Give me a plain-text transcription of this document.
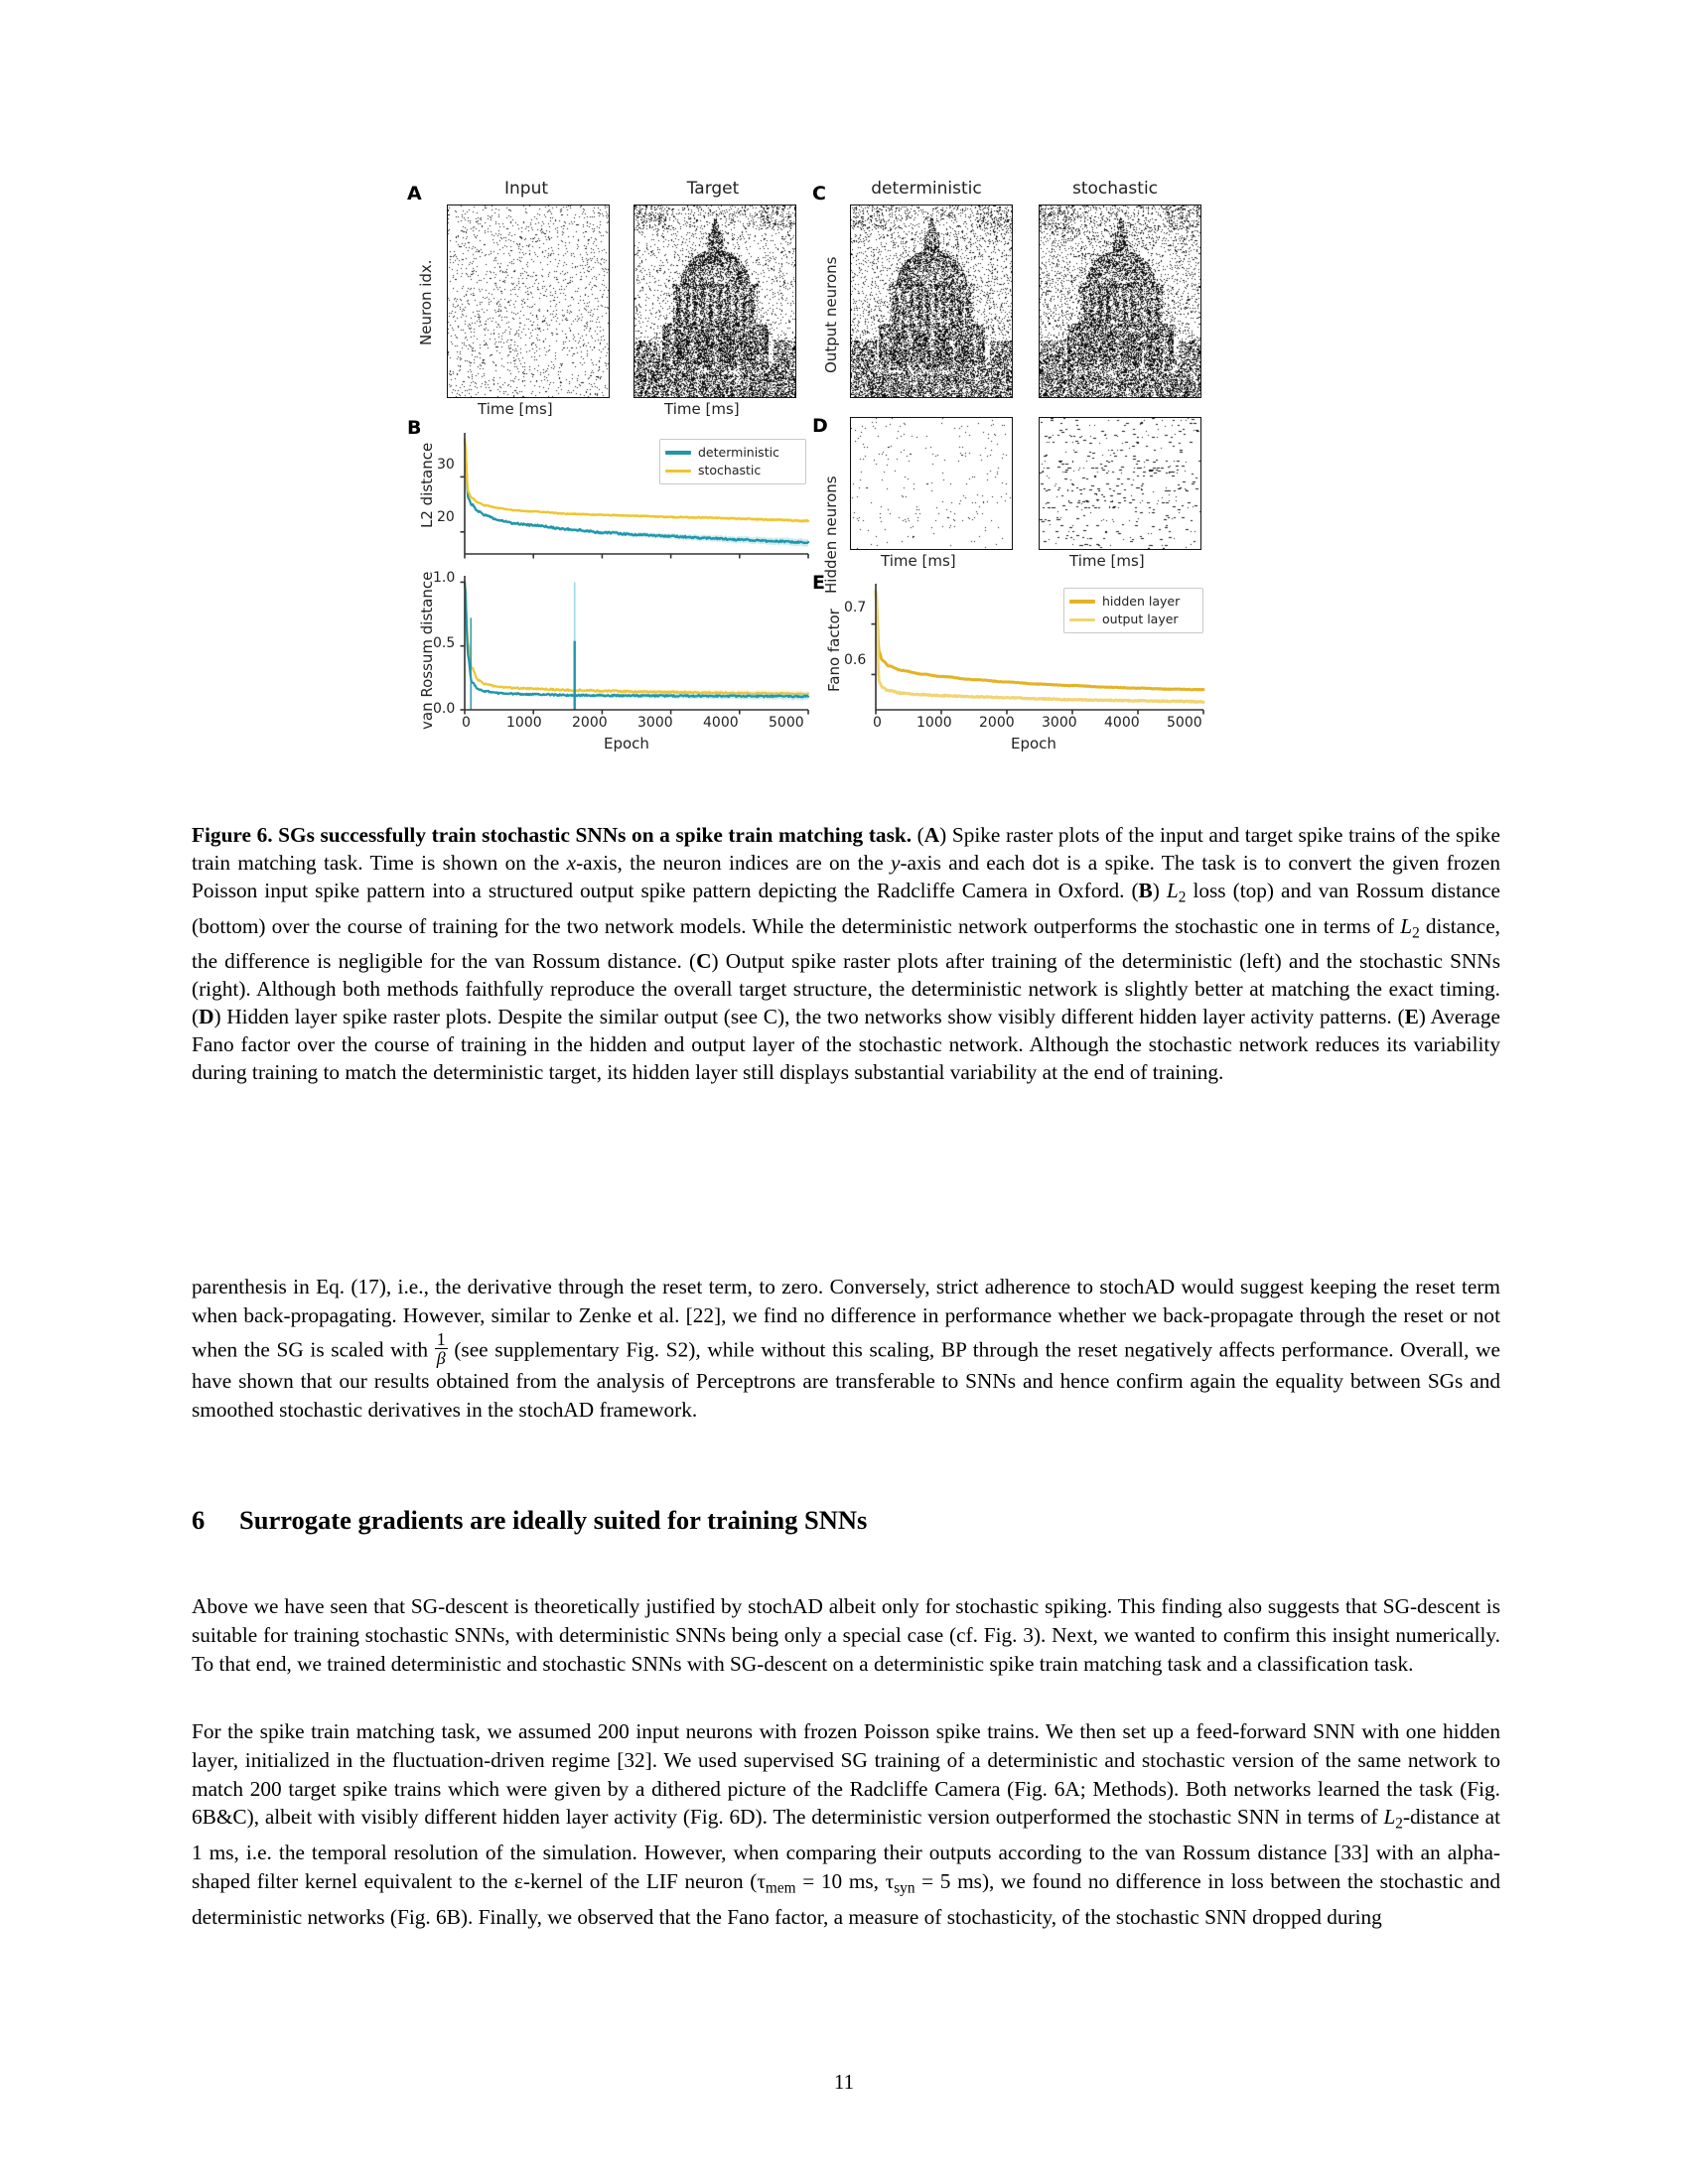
A	Input	Target
Neuron idx.
Time [ms]	Time [ms]
C	deterministic	stochastic
Output neurons
D
Hidden neurons	Time [ms]	Time [ms]
B
L2 distance 30
20
deterministic
stochastic
van Rossum distance
1.0
0.5
0.0
0	1000 2000 3000 4000 5000
Epoch
E
Fano factor
0.7
0.6
hidden layer
output layer
0	1000 2000 3000 4000 5000
Epoch
Figure 6. SGs successfully train stochastic SNNs on a spike train matching task. (A) Spike raster plots of the input and target spike trains of the spike train matching task. Time is shown on the x-axis, the neuron indices are on the y-axis and each dot is a spike. The task is to convert the given frozen Poisson input spike pattern into a structured output spike pattern depicting the Radcliffe Camera in Oxford. (B) $L_2$ loss (top) and van Rossum distance (bottom) over the course of training for the two network models. While the deterministic network outperforms the stochastic one in terms of $L_2$ distance, the difference is negligible for the van Rossum distance. (C) Output spike raster plots after training of the deterministic (left) and the stochastic SNNs (right). Although both methods faithfully reproduce the overall target structure, the deterministic network is slightly better at matching the exact timing. (D) Hidden layer spike raster plots. Despite the similar output (see C), the two networks show visibly different hidden layer activity patterns. (E) Average Fano factor over the course of training in the hidden and output layer of the stochastic network. Although the stochastic network reduces its variability during training to match the deterministic target, its hidden layer still displays substantial variability at the end of training.
parenthesis in Eq. (17), i.e., the derivative through the reset term, to zero. Conversely, strict adherence to stochAD would suggest keeping the reset term when back-propagating. However, similar to Zenke et al. [22], we find no difference in performance whether we back-propagate through the reset or not when the SG is scaled with $\frac{1}{\beta} (see$ supplementary Fig. S2), while without this scaling, BP through the reset negatively affects performance. Overall, we have shown that our results obtained from the analysis of Perceptrons are transferable to SNNs and hence confirm again the equality between SGs and smoothed stochastic derivatives in the stochAD framework.
6 Surrogate gradients are ideally suited for training SNNs
Above we have seen that SG-descent is theoretically justified by stochAD albeit only for stochastic spiking. This finding also suggests that SG-descent is suitable for training stochastic SNNs, with deterministic SNNs being only a special case (cf. Fig. 3). Next, we wanted to confirm this insight numerically. To that end, we trained deterministic and stochastic SNNs with SG-descent on a deterministic spike train matching task and a classification task.
For the spike train matching task, we assumed 200 input neurons with frozen Poisson spike trains. We then set up a feed-forward SNN with one hidden layer, initialized in the fluctuation-driven regime [32]. We used supervised SG training of a deterministic and stochastic version of the same network to match 200 target spike trains which were given by a dithered picture of the Radcliffe Camera (Fig. 6A; Methods). Both networks learned the task (Fig. 6B&C), albeit with visibly different hidden layer activity (Fig. 6D). The deterministic version outperformed the stochastic SNN in terms of $L_2$-distance at 1 ms, i.e. the temporal resolution of the simulation. However, when comparing their outputs according to the van Rossum distance [33] with an alpha-shaped filter kernel equivalent to the ε-kernel of the LIF neuron ($\tau_{mem} = 10$ ms, $\tau_{syn} = 5$ ms), we found no difference in loss between the stochastic and deterministic networks (Fig. 6B). Finally, we observed that the Fano factor, a measure of stochasticity, of the stochastic SNN dropped during
11
